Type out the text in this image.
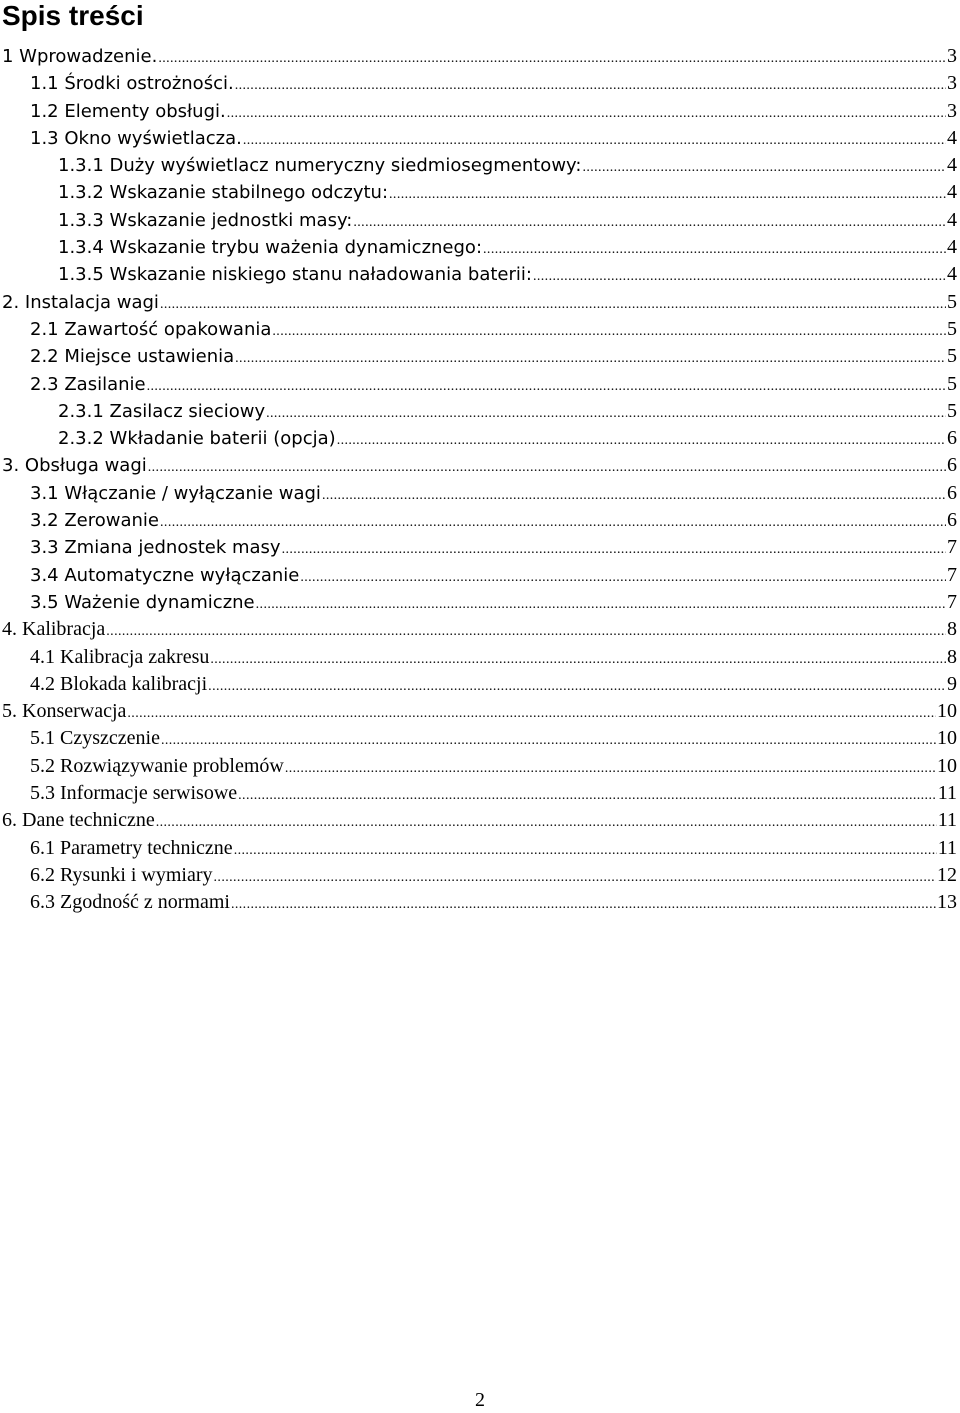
Spis treści
1 Wprowadzenie. .....	3
1.1 Środki ostrożności. .....	3
1.2 Elementy obsługi. .....	3
1.3 Okno wyświetlacza. .....	4
1.3.1 Duży wyświetlacz numeryczny siedmiosegmentowy: .....	4
1.3.2 Wskazanie stabilnego odczytu: .....	4
1.3.3 Wskazanie jednostki masy: .....	4
1.3.4 Wskazanie trybu ważenia dynamicznego: .....	4
1.3.5 Wskazanie niskiego stanu naładowania baterii: .....	4
2. Instalacja wagi .....	5
2.1 Zawartość opakowania .....	5
2.2 Miejsce ustawienia .....	5
2.3 Zasilanie .....	5
2.3.1 Zasilacz sieciowy .....	5
2.3.2 Wkładanie baterii (opcja) .....	6
3. Obsługa wagi .....	6
3.1 Włączanie / wyłączanie wagi .....	6
3.2 Zerowanie .....	6
3.3 Zmiana jednostek masy .....	7
3.4 Automatyczne wyłączanie .....	7
3.5 Ważenie dynamiczne .....	7
4. Kalibracja .....	8
4.1 Kalibracja zakresu .....	8
4.2 Blokada kalibracji .....	9
5. Konserwacja .....	10
5.1 Czyszczenie .....	10
5.2 Rozwiązywanie problemów .....	10
5.3 Informacje serwisowe .....	11
6. Dane techniczne .....	11
6.1 Parametry techniczne .....	11
6.2 Rysunki i wymiary .....	12
6.3 Zgodność z normami .....	13
2
